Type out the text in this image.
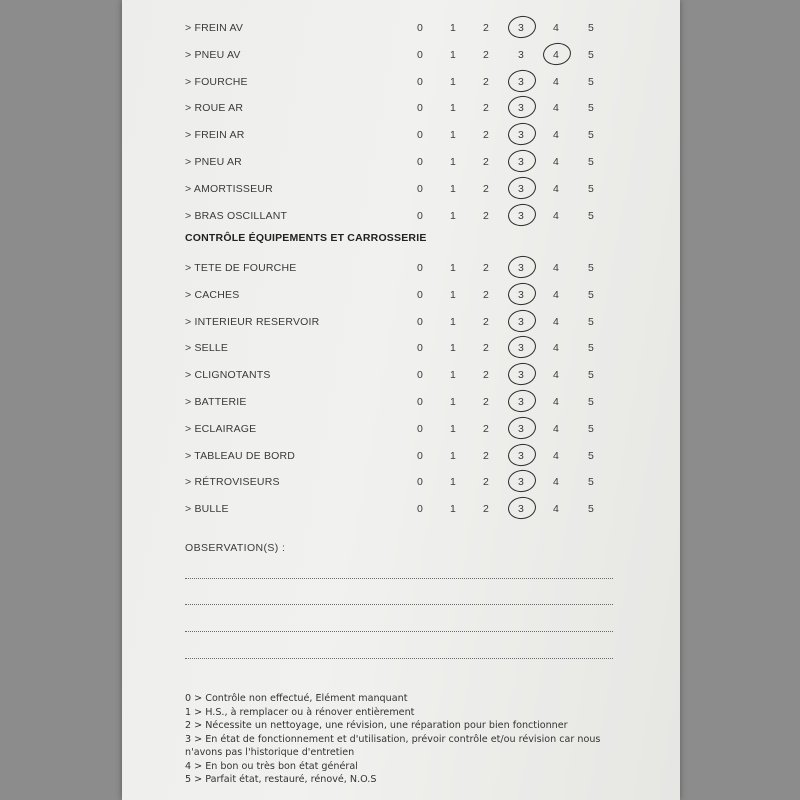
> FREIN AV	0	1	2	3	4	5
> PNEU AV	0	1	2	3	4	5
> FOURCHE	0	1	2	3	4	5
> ROUE AR	0	1	2	3	4	5
> FREIN AR	0	1	2	3	4	5
> PNEU AR	0	1	2	3	4	5
> AMORTISSEUR	0	1	2	3	4	5
> BRAS OSCILLANT	0	1	2	3	4	5
> TETE DE FOURCHE	0	1	2	3	4	5
> CACHES	0	1	2	3	4	5
> INTERIEUR RESERVOIR	0	1	2	3	4	5
> SELLE	0	1	2	3	4	5
> CLIGNOTANTS	0	1	2	3	4	5
> BATTERIE	0	1	2	3	4	5
> ECLAIRAGE	0	1	2	3	4	5
> TABLEAU DE BORD	0	1	2	3	4	5
> RÉTROVISEURS	0	1	2	3	4	5
> BULLE	0	1	2	3	4	5
CONTRÔLE ÉQUIPEMENTS ET CARROSSERIE
OBSERVATION(S) :
0 > Contrôle non effectué, Elément manquant
1 > H.S., à remplacer ou à rénover entièrement
2 > Nécessite un nettoyage, une révision, une réparation pour bien fonctionner
3 > En état de fonctionnement et d'utilisation, prévoir contrôle et/ou révision car nous
n'avons pas l'historique d'entretien
4 > En bon ou très bon état général
5 > Parfait état, restauré, rénové, N.O.S
